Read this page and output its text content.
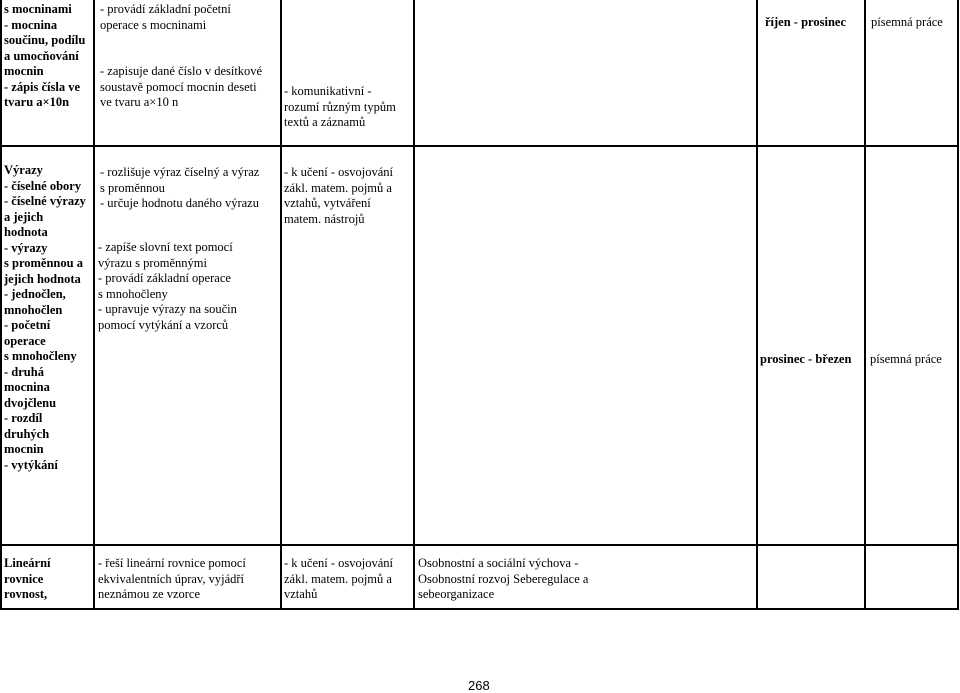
s mocninami
- mocnina
součinu, podílu
a umocňování
mocnin
- zápis čísla ve
tvaru a×10n
- provádí základní početní
operace s mocninami

- zapisuje dané číslo v desítkové
soustavě pomocí mocnin deseti
ve tvaru a×10 n

- komunikativní -
rozumí různým typům
textů a záznamů
říjen - prosinec písemná práce
Výrazy
- číselné obory
- číselné výrazy
a jejich
hodnota
- výrazy
s proměnnou a
jejich hodnota
- jednočlen,
mnohočlen
- početní
operace
s mnohočleny
- druhá
mocnina
dvojčlenu
- rozdíl
druhých
mocnin
- vytýkání
- rozlišuje výraz číselný a výraz
s proměnnou
- určuje hodnotu daného výrazu
- zapíše slovní text pomocí
výrazu s proměnnými
- provádí základní operace
s mnohočleny
- upravuje výrazy na součin
pomocí vytýkání a vzorců
- k učení - osvojování
zákl. matem. pojmů a
vztahů, vytváření
matem. nástrojů
prosinec - březen písemná práce
Lineární
rovnice
rovnost,
- řeší lineární rovnice pomocí
ekvivalentních úprav, vyjádří
neznámou ze vzorce
- k učení - osvojování
zákl. matem. pojmů a
vztahů
Osobnostní a sociální výchova -
Osobnostní rozvoj Seberegulace a
sebeorganizace
268
